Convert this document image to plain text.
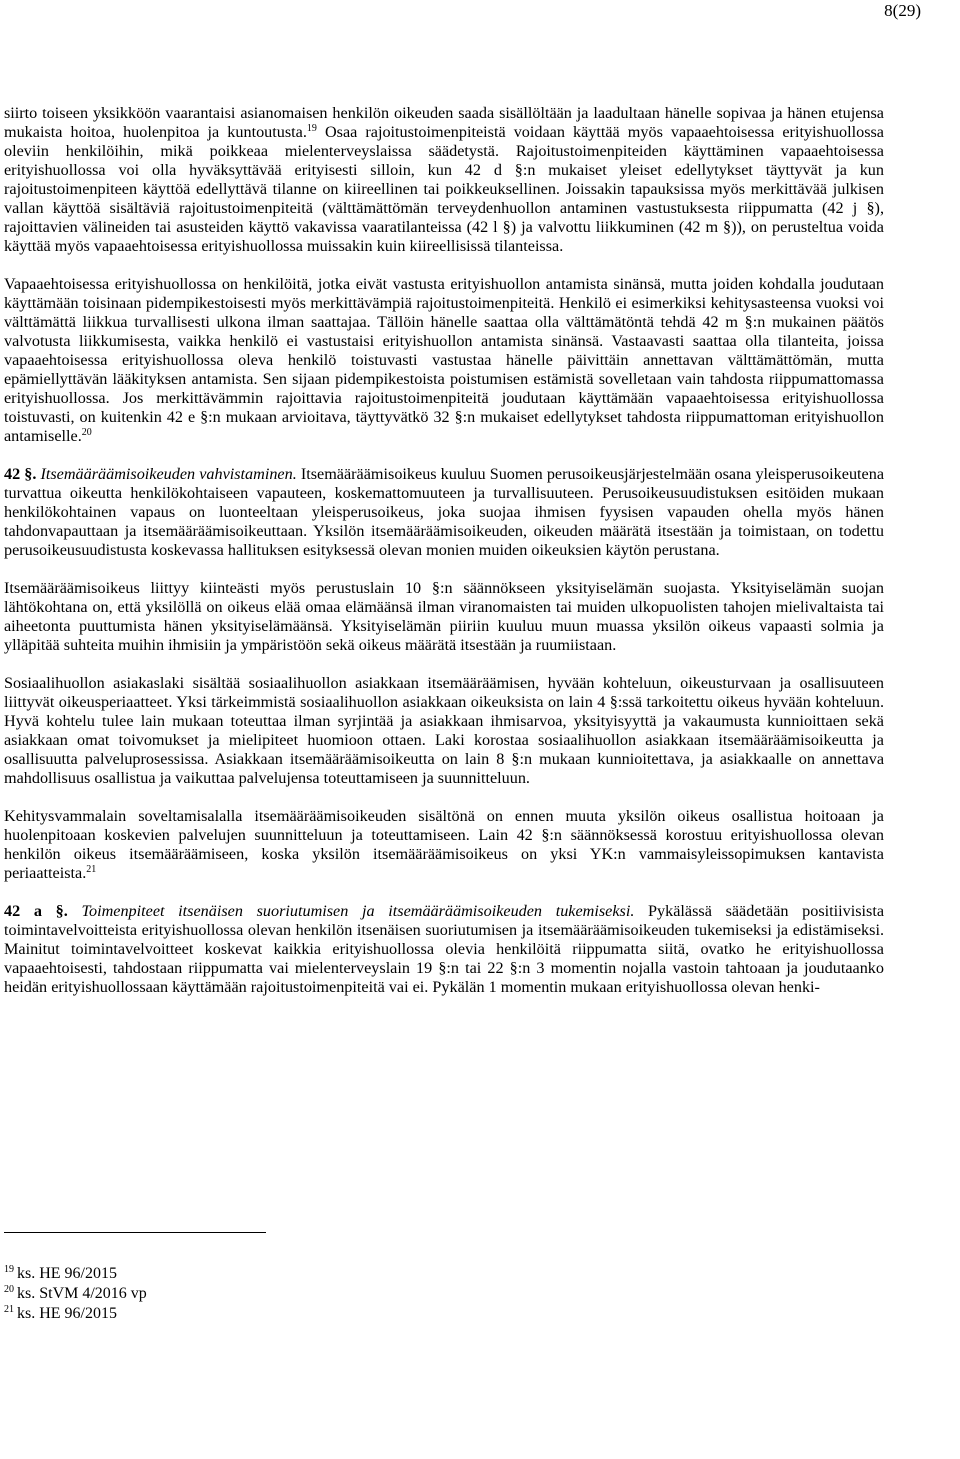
8(29)

siirto toiseen yksikköön vaarantaisi asianomaisen henkilön oikeuden saada sisällöltään ja laadultaan hänelle sopivaa ja hänen etujensa mukaista hoitoa, huolenpitoa ja kuntoutusta.$^{19}$ Osaa rajoitustoimenpiteistä voidaan käyttää myös vapaaehtoisessa erityishuollossa oleviin henkilöihin, mikä poikkeaa mielenterveyslaissa säädetystä. Rajoitustoimenpiteiden käyttäminen vapaaehtoisessa erityishuollossa voi olla hyväksyttävää erityisesti silloin, kun 42 d §:n mukaiset yleiset edellytykset täyttyvät ja kun rajoitustoimenpiteen käyttöä edellyttävä tilanne on kiireellinen tai poikkeuksellinen. Joissakin tapauksissa myös merkittävää julkisen vallan käyttöä sisältäviä rajoitustoimenpiteitä (välttämättömän terveydenhuollon antaminen vastustuksesta riippumatta (42 j §), rajoittavien välineiden tai asusteiden käyttö vakavissa vaaratilanteissa (42 l §) ja valvottu liikkuminen (42 m §)), on perusteltua voida käyttää myös vapaaehtoisessa erityishuollossa muissakin kuin kiireellisissä tilanteissa.

Vapaaehtoisessa erityishuollossa on henkilöitä, jotka eivät vastusta erityishuollon antamista sinänsä, mutta joiden kohdalla joudutaan käyttämään toisinaan pidempikestoisesti myös merkittävämpiä rajoitustoimenpiteitä. Henkilö ei esimerkiksi kehitysasteensa vuoksi voi välttämättä liikkua turvallisesti ulkona ilman saattajaa. Tällöin hänelle saattaa olla välttämätöntä tehdä 42 m §:n mukainen päätös valvotusta liikkumisesta, vaikka henkilö ei vastustaisi erityishuollon antamista sinänsä. Vastaavasti saattaa olla tilanteita, joissa vapaaehtoisessa erityishuollossa oleva henkilö toistuvasti vastustaa hänelle päivittäin annettavan välttämättömän, mutta epämiellyttävän lääkityksen antamista. Sen sijaan pidempikestoista poistumisen estämistä sovelletaan vain tahdosta riippumattomassa erityishuollossa. Jos merkittävämmin rajoittavia rajoitustoimenpiteitä joudutaan käyttämään vapaaehtoisessa erityishuollossa toistuvasti, on kuitenkin 42 e §:n mukaan arvioitava, täyttyvätkö 32 §:n mukaiset edellytykset tahdosta riippumattoman erityishuollon antamiselle.$^{20}$

42 §. Itsemääräämisoikeuden vahvistaminen. Itsemääräämisoikeus kuuluu Suomen perusoikeusjärjestelmään osana yleisperusoikeutena turvattua oikeutta henkilökohtaiseen vapauteen, koskemattomuuteen ja turvallisuuteen. Perusoikeusuudistuksen esitöiden mukaan henkilökohtainen vapaus on luonteeltaan yleisperusoikeus, joka suojaa ihmisen fyysisen vapauden ohella myös hänen tahdonvapauttaan ja itsemääräämisoikeuttaan. Yksilön itsemääräämisoikeuden, oikeuden määrätä itsestään ja toimistaan, on todettu perusoikeusuudistusta koskevassa hallituksen esityksessä olevan monien muiden oikeuksien käytön perustana.

Itsemääräämisoikeus liittyy kiinteästi myös perustuslain 10 §:n säännökseen yksityiselämän suojasta. Yksityiselämän suojan lähtökohtana on, että yksilöllä on oikeus elää omaa elämäänsä ilman viranomaisten tai muiden ulkopuolisten tahojen mielivaltaista tai aiheetonta puuttumista hänen yksityiselämäänsä. Yksityiselämän piiriin kuuluu muun muassa yksilön oikeus vapaasti solmia ja ylläpitää suhteita muihin ihmisiin ja ympäristöön sekä oikeus määrätä itsestään ja ruumiistaan.

Sosiaalihuollon asiakaslaki sisältää sosiaalihuollon asiakkaan itsemääräämisen, hyvään kohteluun, oikeusturvaan ja osallisuuteen liittyvät oikeusperiaatteet. Yksi tärkeimmistä sosiaalihuollon asiakkaan oikeuksista on lain 4 §:ssä tarkoitettu oikeus hyvään kohteluun. Hyvä kohtelu tulee lain mukaan toteuttaa ilman syrjintää ja asiakkaan ihmisarvoa, yksityisyyttä ja vakaumusta kunnioittaen sekä asiakkaan omat toivomukset ja mielipiteet huomioon ottaen. Laki korostaa sosiaalihuollon asiakkaan itsemääräämisoikeutta ja osallisuutta palveluprosessissa. Asiakkaan itsemääräämisoikeutta on lain 8 §:n mukaan kunnioitettava, ja asiakkaalle on annettava mahdollisuus osallistua ja vaikuttaa palvelujensa toteuttamiseen ja suunnitteluun.

Kehitysvammalain soveltamisalalla itsemääräämisoikeuden sisältönä on ennen muuta yksilön oikeus osallistua hoitoaan ja huolenpitoaan koskevien palvelujen suunnitteluun ja toteuttamiseen. Lain 42 §:n säännöksessä korostuu erityishuollossa olevan henkilön oikeus itsemääräämiseen, koska yksilön itsemääräämisoikeus on yksi YK:n vammaisyleissopimuksen kantavista periaatteista.$^{21}$

42 a §. Toimenpiteet itsenäisen suoriutumisen ja itsemääräämisoikeuden tukemiseksi. Pykälässä säädetään positiivisista toimintavelvoitteista erityishuollossa olevan henkilön itsenäisen suoriutumisen ja itsemääräämisoikeuden tukemiseksi ja edistämiseksi. Mainitut toimintavelvoitteet koskevat kaikkia erityishuollossa olevia henkilöitä riippumatta siitä, ovatko he erityishuollossa vapaaehtoisesti, tahdostaan riippumatta vai mielenterveyslain 19 §:n tai 22 §:n 3 momentin nojalla vastoin tahtoaan ja joudutaanko heidän erityishuollossaan käyttämään rajoitustoimenpiteitä vai ei. Pykälän 1 momentin mukaan erityishuollossa olevan henki-

$^{19}$ ks. HE 96/2015
$^{20}$ ks. StVM 4/2016 vp
$^{21}$ ks. HE 96/2015
